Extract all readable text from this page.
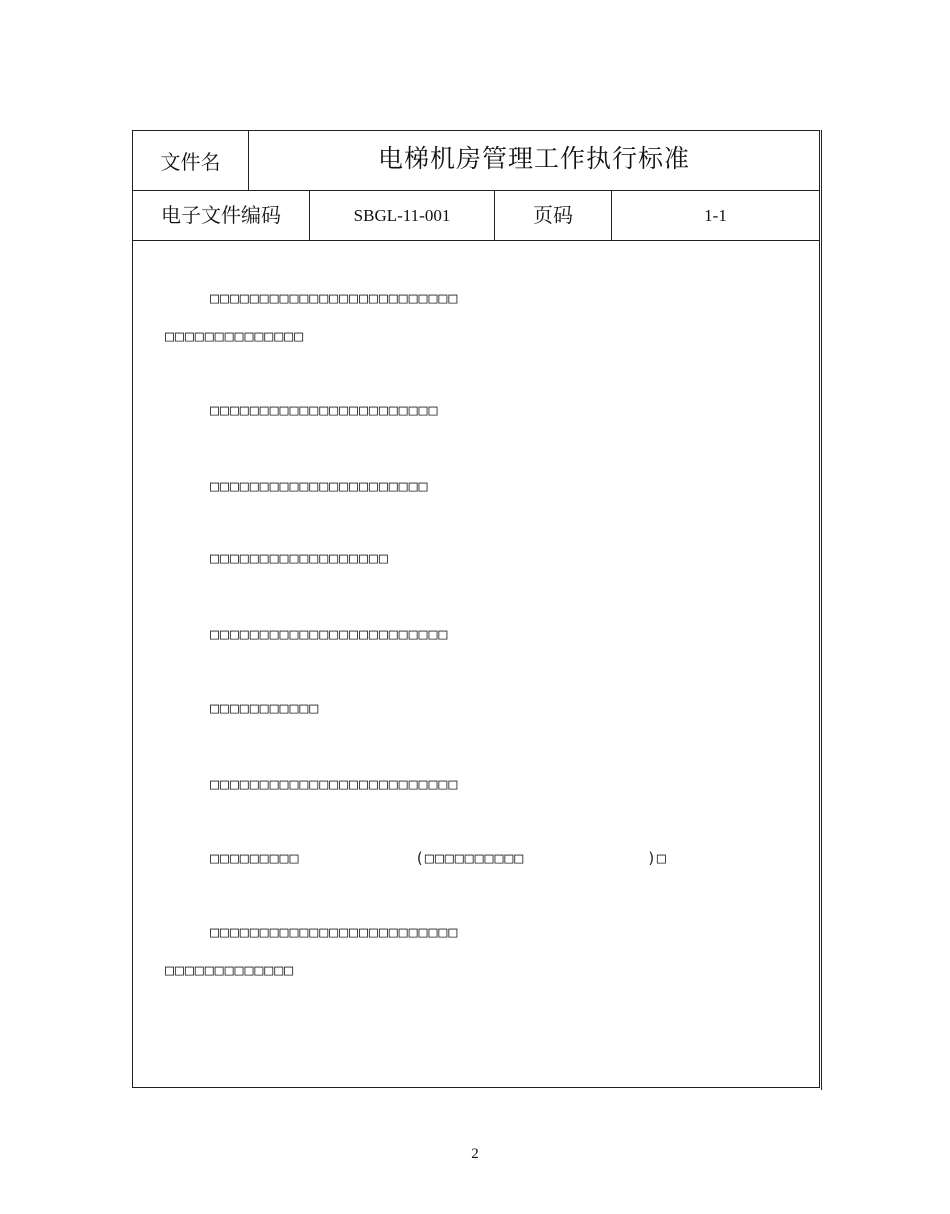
文件名	电梯机房管理工作执行标准
电子文件编码	SBGL-11-001	页码	1-1
□□□□□□□□□□□□□□□□□□□□□□□□□
□□□□□□□□□□□□□□
□□□□□□□□□□□□□□□□□□□□□□□
□□□□□□□□□□□□□□□□□□□□□□
□□□□□□□□□□□□□□□□□□
□□□□□□□□□□□□□□□□□□□□□□□□
□□□□□□□□□□□
□□□□□□□□□□□□□□□□□□□□□□□□□
□□□□□□□□□	(□□□□□□□□□□	)□
□□□□□□□□□□□□□□□□□□□□□□□□□
□□□□□□□□□□□□□
2
